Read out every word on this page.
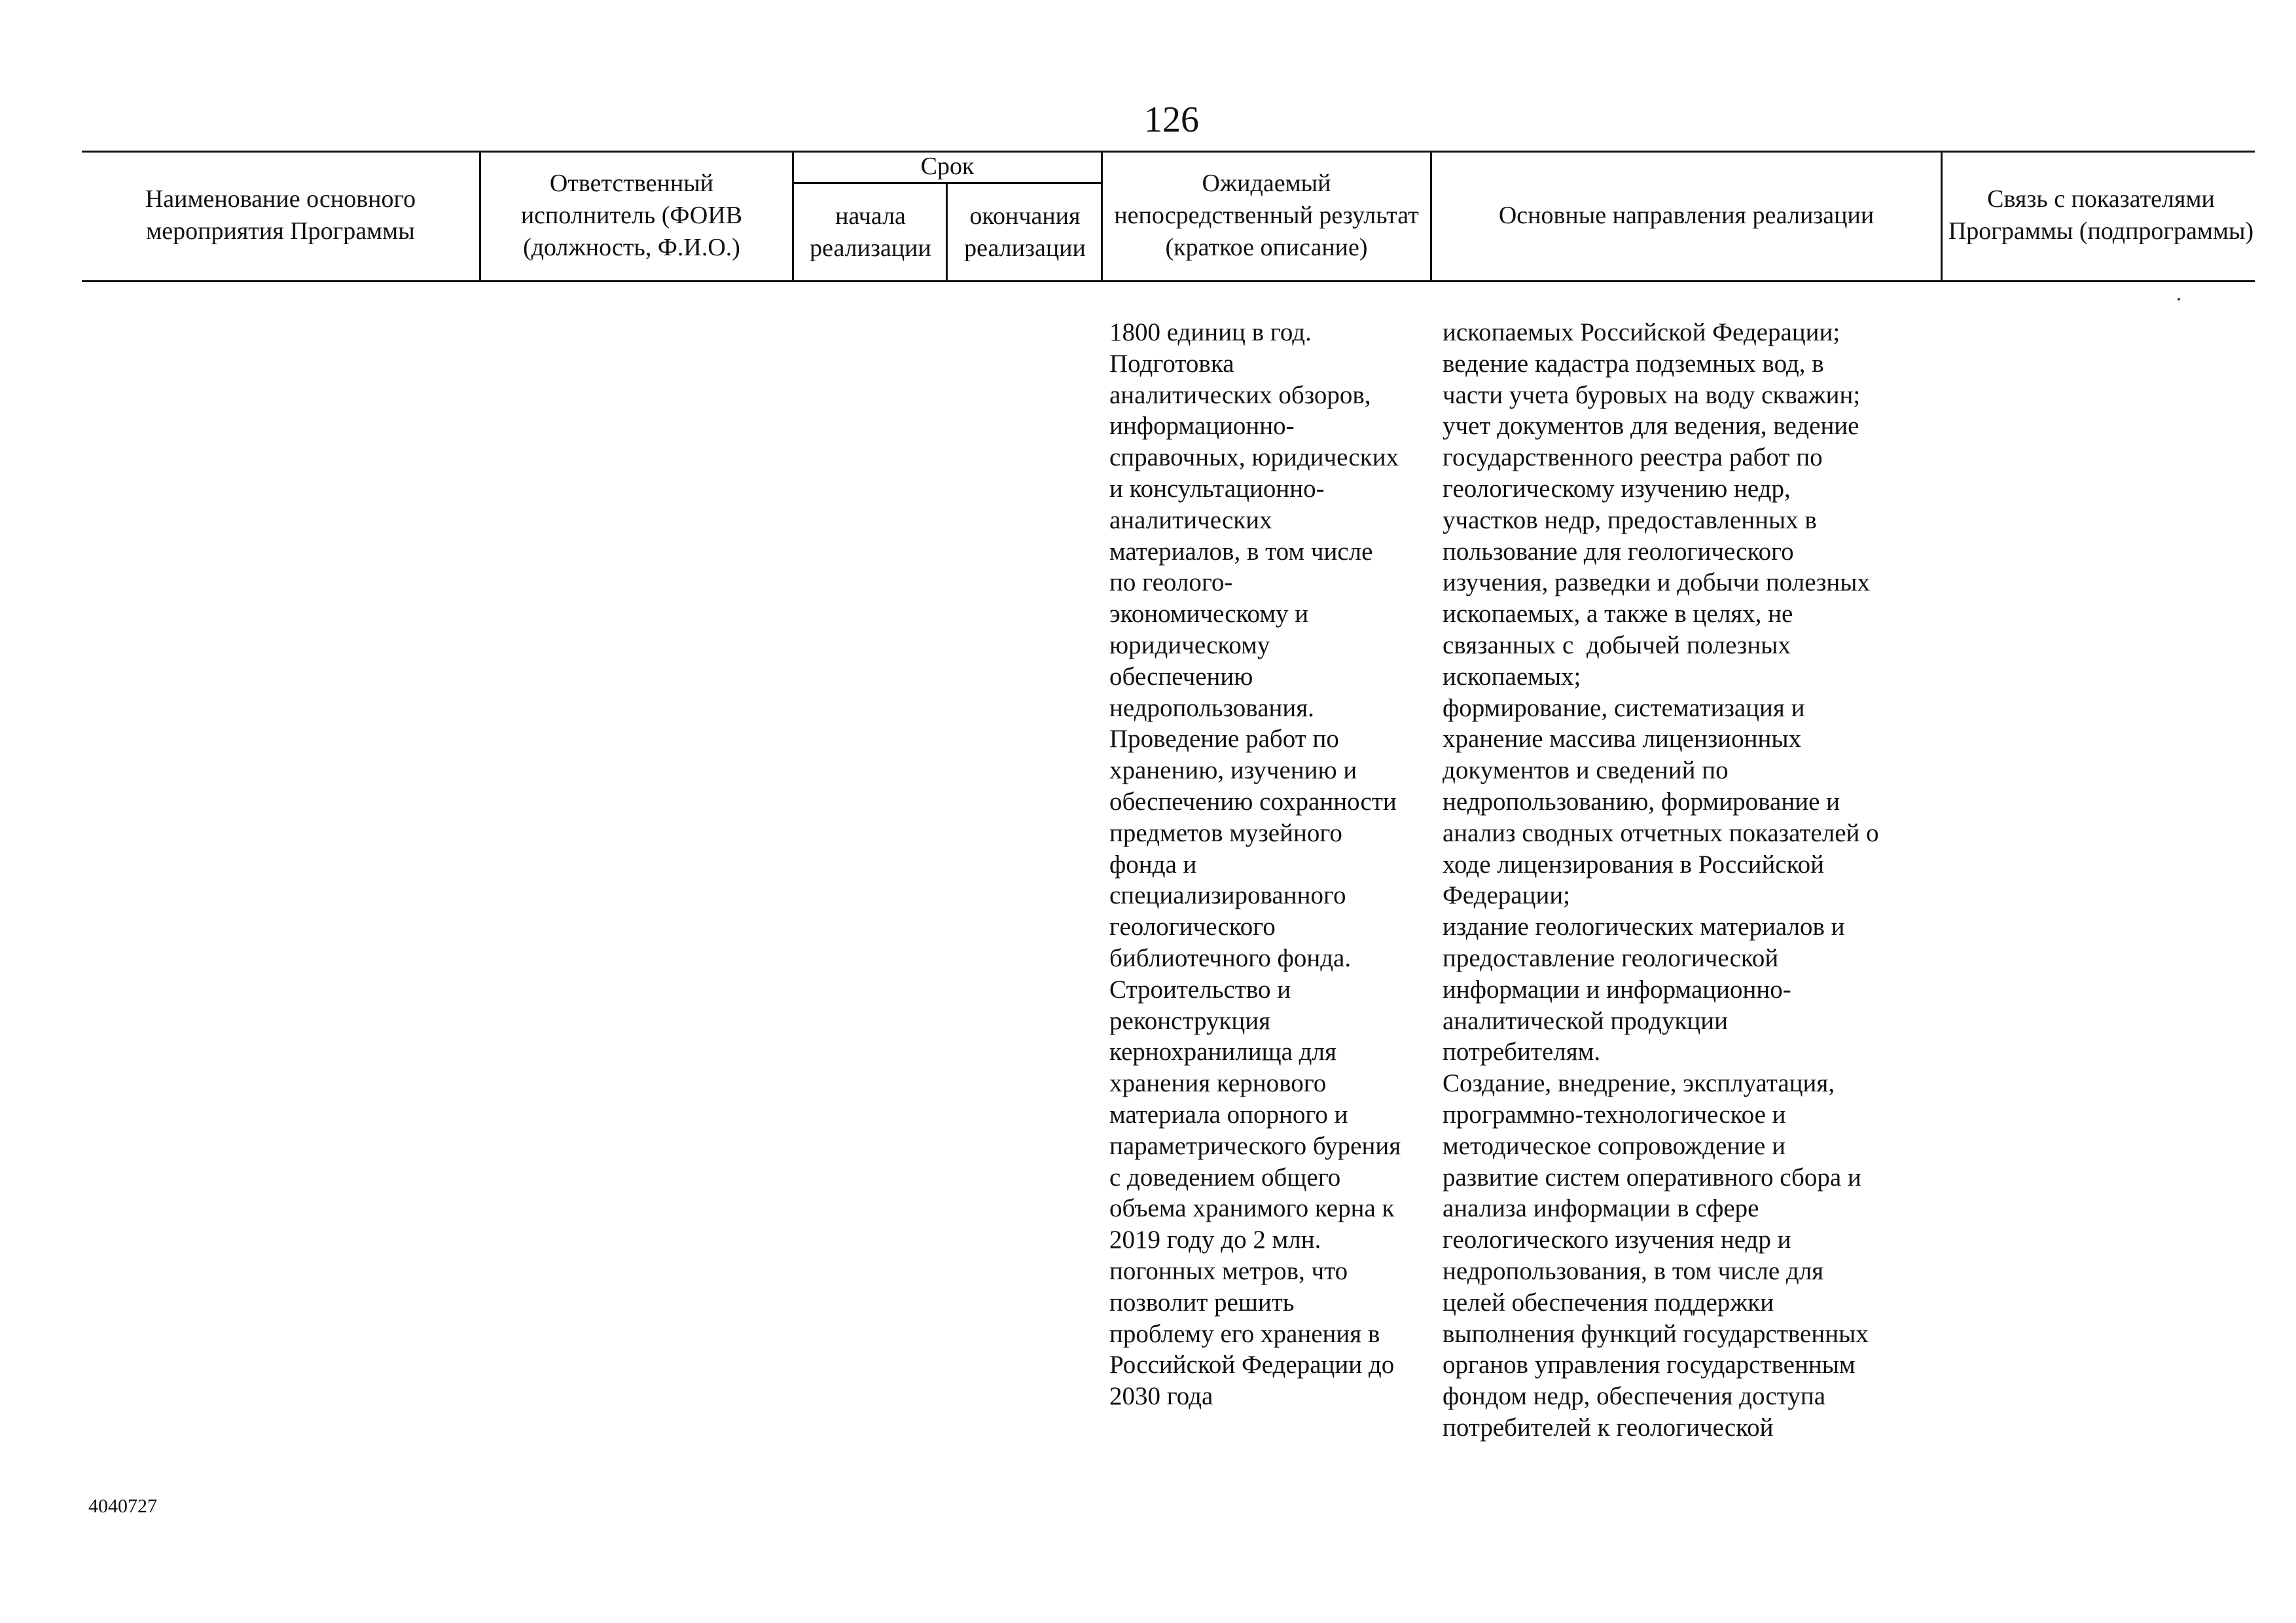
126
Наименование основного мероприятия Программы
Ответственный исполнитель (ФОИВ (должность, Ф.И.О.)
Срок
начала реализации
окончания реализации
Ожидаемый непосредственный результат (краткое описание)
Основные направления реализации
Связь с показателями Программы (подпрограммы)
1800 единиц в год.
Подготовка
аналитических обзоров,
информационно-
справочных, юридических
и консультационно-
аналитических
материалов, в том числе
по геолого-
экономическому и
юридическому
обеспечению
недропользования.
Проведение работ по
хранению, изучению и
обеспечению сохранности
предметов музейного
фонда и
специализированного
геологического
библиотечного фонда.
Строительство и
реконструкция
кернохранилища для
хранения кернового
материала опорного и
параметрического бурения
с доведением общего
объема хранимого керна к
2019 году до 2 млн.
погонных метров, что
позволит решить
проблему его хранения в
Российской Федерации до
2030 года
ископаемых Российской Федерации;
ведение кадастра подземных вод, в
части учета буровых на воду скважин;
учет документов для ведения, ведение
государственного реестра работ по
геологическому изучению недр,
участков недр, предоставленных в
пользование для геологического
изучения, разведки и добычи полезных
ископаемых, а также в целях, не
связанных с  добычей полезных
ископаемых;
формирование, систематизация и
хранение массива лицензионных
документов и сведений по
недропользованию, формирование и
анализ сводных отчетных показателей о
ходе лицензирования в Российской
Федерации;
издание геологических материалов и
предоставление геологической
информации и информационно-
аналитической продукции
потребителям.
Создание, внедрение, эксплуатация,
программно-технологическое и
методическое сопровождение и
развитие систем оперативного сбора и
анализа информации в сфере
геологического изучения недр и
недропользования, в том числе для
целей обеспечения поддержки
выполнения функций государственных
органов управления государственным
фондом недр, обеспечения доступа
потребителей к геологической
4040727
